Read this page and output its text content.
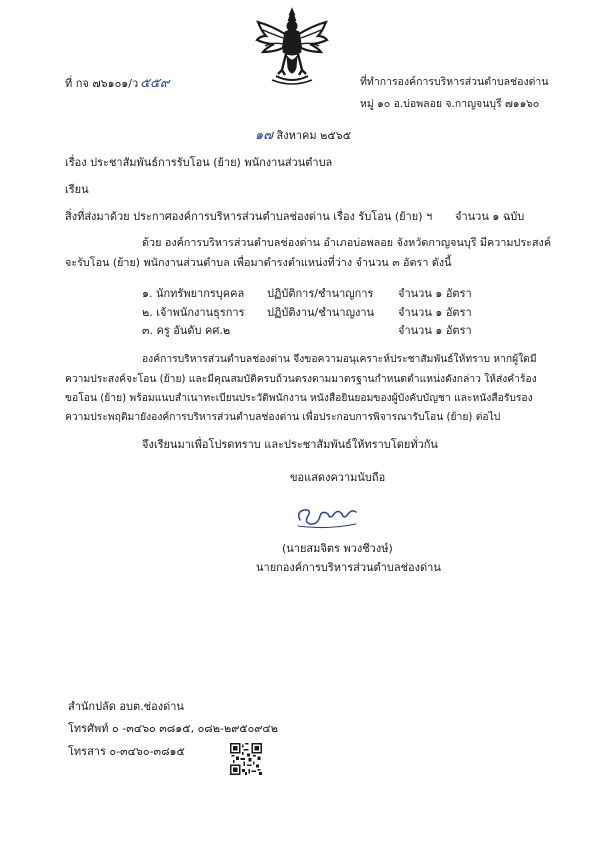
ที่ กจ ๗๖๑๐๑/ว ๕๕๙	ที่ทำการองค์การบริหารส่วนตำบลช่องด่าน
หมู่ ๑๐ อ.บ่อพลอย จ.กาญจนบุรี ๗๑๑๖๐
๑๗ สิงหาคม ๒๕๖๕
เรื่อง ประชาสัมพันธ์การรับโอน (ย้าย) พนักงานส่วนตำบล
เรียน
สิ่งที่ส่งมาด้วย ประกาศองค์การบริหารส่วนตำบลช่องด่าน เรื่อง รับโอน (ย้าย) ฯ จำนวน ๑ ฉบับ
ด้วย องค์การบริหารส่วนตำบลช่องด่าน อำเภอบ่อพลอย จังหวัดกาญจนบุรี มีความประสงค์
จะรับโอน (ย้าย) พนักงานส่วนตำบล เพื่อมาดำรงตำแหน่งที่ว่าง จำนวน ๓ อัตรา ดังนี้
๑. นักทรัพยากรบุคคล ปฏิบัติการ/ชำนาญการ จำนวน ๑ อัตรา
๒. เจ้าพนักงานธุรการ ปฏิบัติงาน/ชำนาญงาน จำนวน ๑ อัตรา
๓. ครู อันดับ คศ.๒	จำนวน ๑ อัตรา
องค์การบริหารส่วนตำบลช่องด่าน จึงขอความอนุเคราะห์ประชาสัมพันธ์ให้ทราบ หากผู้ใดมี
ความประสงค์จะโอน (ย้าย) และมีคุณสมบัติครบถ้วนตรงตามมาตรฐานกำหนดตำแหน่งดังกล่าว ให้ส่งคำร้อง
ขอโอน (ย้าย) พร้อมแนบสำเนาทะเบียนประวัติพนักงาน หนังสือยินยอมของผู้บังคับบัญชา และหนังสือรับรอง
ความประพฤติมายังองค์การบริหารส่วนตำบลช่องด่าน เพื่อประกอบการพิจารณารับโอน (ย้าย) ต่อไป
จึงเรียนมาเพื่อโปรดทราบ และประชาสัมพันธ์ให้ทราบโดยทั่วกัน
ขอแสดงความนับถือ
(นายสมจิตร พวงชีวงษ์)
นายกองค์การบริหารส่วนตำบลช่องด่าน
สำนักปลัด อบต.ช่องด่าน
โทรศัพท์ ๐ -๓๔๖๐ ๓๘๑๕, ๐๘๒-๒๙๕๐๙๔๒
โทรสาร ๐-๓๔๖๐-๓๘๑๕
